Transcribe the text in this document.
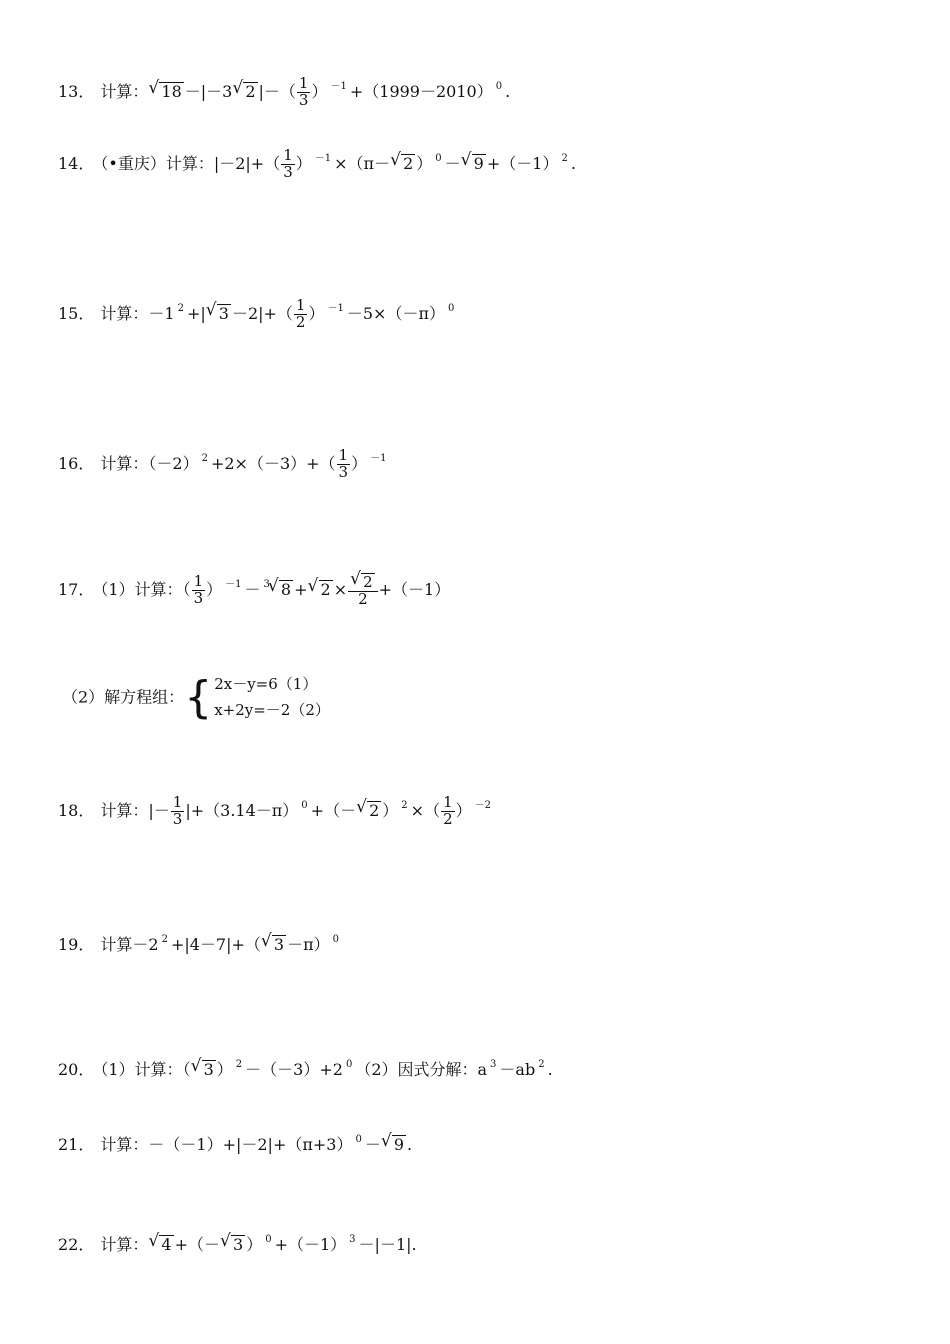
13． 计算： √ 18 －|－3 √ 2 |－（ $\frac{1}{3}$ ） $^{-1}$ +（1999－2010） $^0$ .
14． （•重庆）计算：$|-2|+( \frac{1}{3}$ ） $^{-1}$ ×（π－ √ 2 ） $^0$ － √ 9 +（－1） $^2$ .
15． 计算：－1 $^2$ +| √ $3 -2|+( \frac{1}{2}$ ） $^{-1}$ －5×（－π） $^0$
16． 计算：（－2） $^2 +2\times(-3)+( \frac{1}{3}$ ） $^{-1}$
17． （1）计算：（ $\frac{1}{3}$ ） $^{-1}$ － $^3$ √ 8 + √ 2 × √ $\frac{2}{2} +(-1)$
（2）解方程组：{ 2x－y=6（1）
x+2y=－2（2）
18． 计算：|－ $\frac{1}{3} |+(3.14-\pi)$ $^0$ +（－ √ 2 ） $^2$ ×（ $\frac{1}{2}$ ） $^{-2}$
19． 计算－2 $^2$ +|4－7|+（ √ 3 －π） $^0$
20． （1）计算：（ √ 3 ） $^2$ －（－3）+2 $^0$ （2）因式分解：a $^3$ －ab $^2$ .
21． 计算：－（－1）+|－2|+（π+3） $^0$ － √ 9 .
22． 计算： √ 4 +（－ √ 3 ） $^0$ +（－1） $^3$ －|－1|.
